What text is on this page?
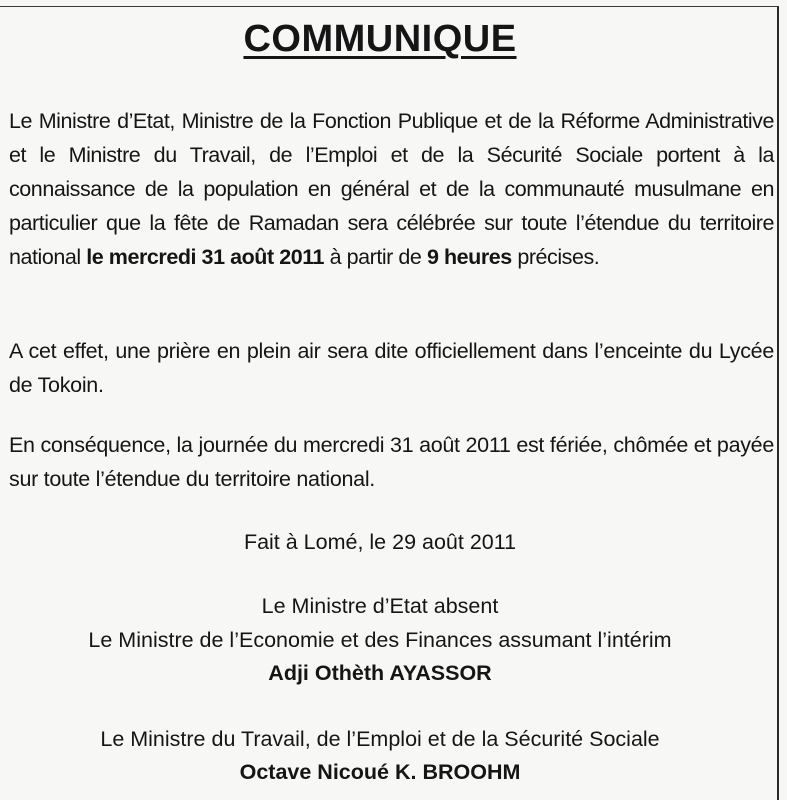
COMMUNIQUE

Le Ministre d’Etat, Ministre de la Fonction Publique et de la Réforme Administrative et le Ministre du Travail, de l’Emploi et de la Sécurité Sociale portent à la connaissance de la population en général et de la communauté musulmane en particulier que la fête de Ramadan sera célébrée sur toute l’étendue du territoire national le mercredi 31 août 2011 à partir de 9 heures précises.

A cet effet, une prière en plein air sera dite officiellement dans l’enceinte du Lycée de Tokoin.

En conséquence, la journée du mercredi 31 août 2011 est fériée, chômée et payée sur toute l’étendue du territoire national.

Fait à Lomé, le 29 août 2011

Le Ministre d’Etat absent

Le Ministre de l’Economie et des Finances assumant l’intérim

Adji Othèth AYASSOR

Le Ministre du Travail, de l’Emploi et de la Sécurité Sociale

Octave Nicoué K. BROOHM
